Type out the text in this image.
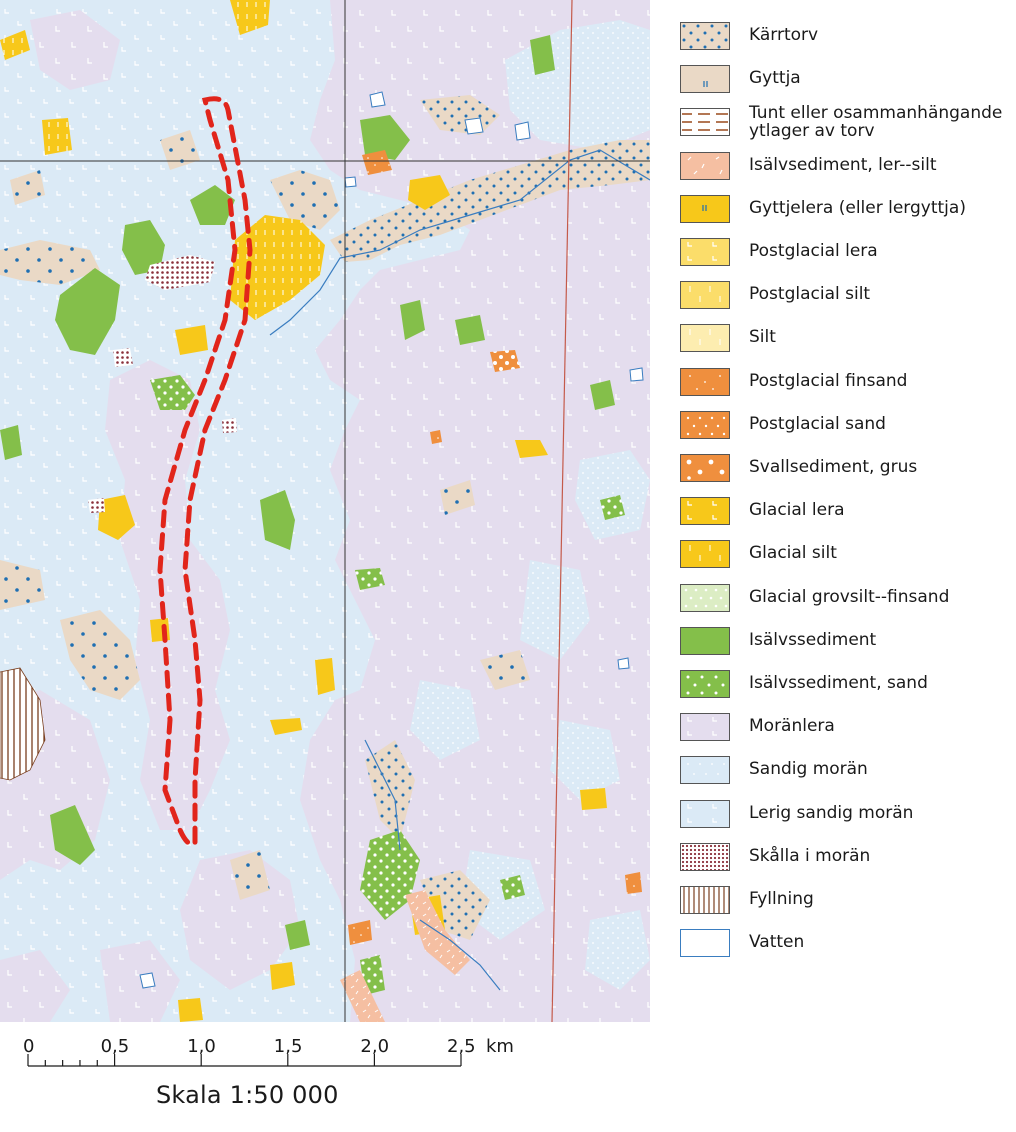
Kärrtorv
Gyttja
Tunt eller osammanhängande
ytlager av torv
Isälvsediment, ler--silt
Gyttjelera (eller lergyttja)
Postglacial lera
Postglacial silt
Silt
Postglacial finsand
Postglacial sand
Svallsediment, grus
Glacial lera
Glacial silt
Glacial grovsilt--finsand
Isälvssediment
Isälvssediment, sand
Moränlera
Sandig morän
Lerig sandig morän
Skålla i morän
Fyllning
Vatten
0	0,5	1,0	1,5	2,0	2,5 km
Skala 1:50 000
